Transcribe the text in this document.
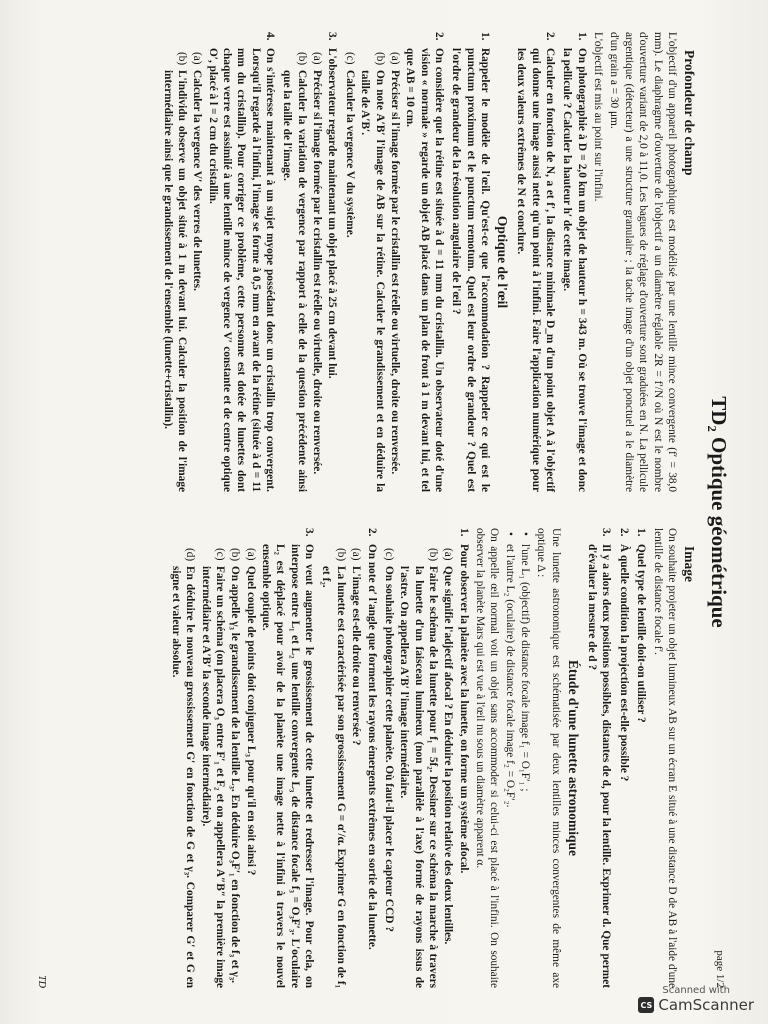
TD₂ Optique géométrique
page 1/2
Profondeur de champ

L'objectif d'un appareil photographique est modélisé par une lentille mince convergente (f′ = 38,0 mm). Le diaphragme d'ouverture de l'objectif a un diamètre réglable 2R = f′/N où N est le nombre d'ouverture variant de 2,0 à 11,0. Les bagues de réglage d'ouverture sont graduées en N. La pellicule argentique (détecteur) a une structure granulaire ; la tache image d'un objet ponctuel a le diamètre d'un grain a = 30 μm.

L'objectif est mis au point sur l'infini.

1.
On photographie à D = 2,0 km un objet de hauteur h = 343 m. Où se trouve l'image et donc la pellicule ? Calculer la hauteur h′ de cette image.
2.
Calculer en fonction de N, a et f′, la distance minimale D_m d'un point objet A à l'objectif qui donne une image aussi nette qu'un point à l'infini. Faire l'application numérique pour les deux valeurs extrêmes de N et conclure.
Optique de l'œil
1.
Rappeler le modèle de l'œil. Qu'est-ce que l'accommodation ? Rappeler ce qui est le punctum proximum et le punctum remotum. Quel est leur ordre de grandeur ? Quel est l'ordre de grandeur de la résolution angulaire de l'œil ?
2.
On considère que la rétine est située à d = 11 mm du cristallin. Un observateur doté d'une vision « normale » regarde un objet AB placé dans un plan de front à 1 m devant lui, et tel que AB = 10 cm.
(a)
Préciser si l'image formée par le cristallin est réelle ou virtuelle, droite ou renversée.
(b)
On note A′B′ l'image de AB sur la rétine. Calculer le grandissement et en déduire la taille de A′B′.
(c)
Calculer la vergence V du système.
3.
L'observateur regarde maintenant un objet placé à 25 cm devant lui.
(a)
Préciser si l'image formée par le cristallin est réelle ou virtuelle, droite ou renversée.
(b)
Calculer la variation de vergence par rapport à celle de la question précédente ainsi que la taille de l'image.
4.
On s'intéresse maintenant à un sujet myope possédant donc un cristallin trop convergent. Lorsqu'il regarde à l'infini, l'image se forme à 0,5 mm en avant de la rétine (située à d = 11 mm du cristallin). Pour corriger ce problème, cette personne est dotée de lunettes dont chaque verre est assimilé à une lentille mince de vergence V′ constante et de centre optique O′, placé à l = 2 cm du cristallin.
(a)
Calculer la vergence V′ des verres de lunettes.
(b)
L'individu observe un objet situé à 1 m devant lui. Calculer la position de l'image intermédiaire ainsi que le grandissement de l'ensemble (lunette+cristallin).
Image

On souhaite projeter un objet lumineux AB sur un écran E situé à une distance D de AB à l'aide d'une lentille de distance focale f′.

1.
Quel type de lentille doit-on utiliser ?
2.
À quelle condition la projection est-elle possible ?
3.
Il y a alors deux positions possibles, distantes de d, pour la lentille. Exprimer d. Que permet d'évaluer la mesure de d ?
Étude d'une lunette astronomique

Une lunette astronomique est schématisée par deux lentilles minces convergentes de même axe optique Δ :

•
l'une L₁ (objectif) de distance focale image f₁ = O₁F′₁ ;
•
et l'autre L₂ (oculaire) de distance focale image f₂ = O₂F′₂.

On appelle œil normal voit un objet sans accommoder si celui-ci est placé à l'infini. On souhaite observer la planète Mars qui est vue à l'œil nu sous un diamètre apparent α.

1.
Pour observer la planète avec la lunette, on forme un système afocal.
(a)
Que signifie l'adjectif afocal ? En déduire la position relative des deux lentilles.
(b)
Faire le schéma de la lunette pour f₁ = 5f₂. Dessiner sur ce schéma la marche à travers la lunette d'un faisceau lumineux (non parallèle à l'axe) formé de rayons issus de l'astre. On appellera A′B′ l'image intermédiaire.
(c)
On souhaite photographier cette planète. Où faut-il placer le capteur CCD ?
2.
On note α′ l'angle que forment les rayons émergents extrêmes en sortie de la lunette.
(a)
L'image est-elle droite ou renversée ?
(b)
La lunette est caractérisée par son grossissement G = α′/α. Exprimer G en fonction de f₁ et f₂.
3.
On veut augmenter le grossissement de cette lunette et redresser l'image. Pour cela, on interpose entre L₁ et L₂ une lentille convergente L₃ de distance focale f₃ = O₃F′₃. L'oculaire L₂ est déplacé pour avoir de la planète une image nette à l'infini à travers le nouvel ensemble optique.
(a)
Quel couple de points doit conjuguer L₃ pour qu'il en soit ainsi ?
(b)
On appelle γ₃ le grandissement de la lentille L₃. En déduire O₃F′₁ en fonction de f₃ et γ₃.
(c)
Faire un schéma (on placera O₃ entre F′₁ et F₂ et on appellera A″B″ la première image intermédiaire et A′B′ la seconde image intermédiaire).
(d)
En déduire le nouveau grossissement G′ en fonction de G et γ₃. Comparer G′ et G en signe et valeur absolue.
TD
Scanned with
CS CamScanner
